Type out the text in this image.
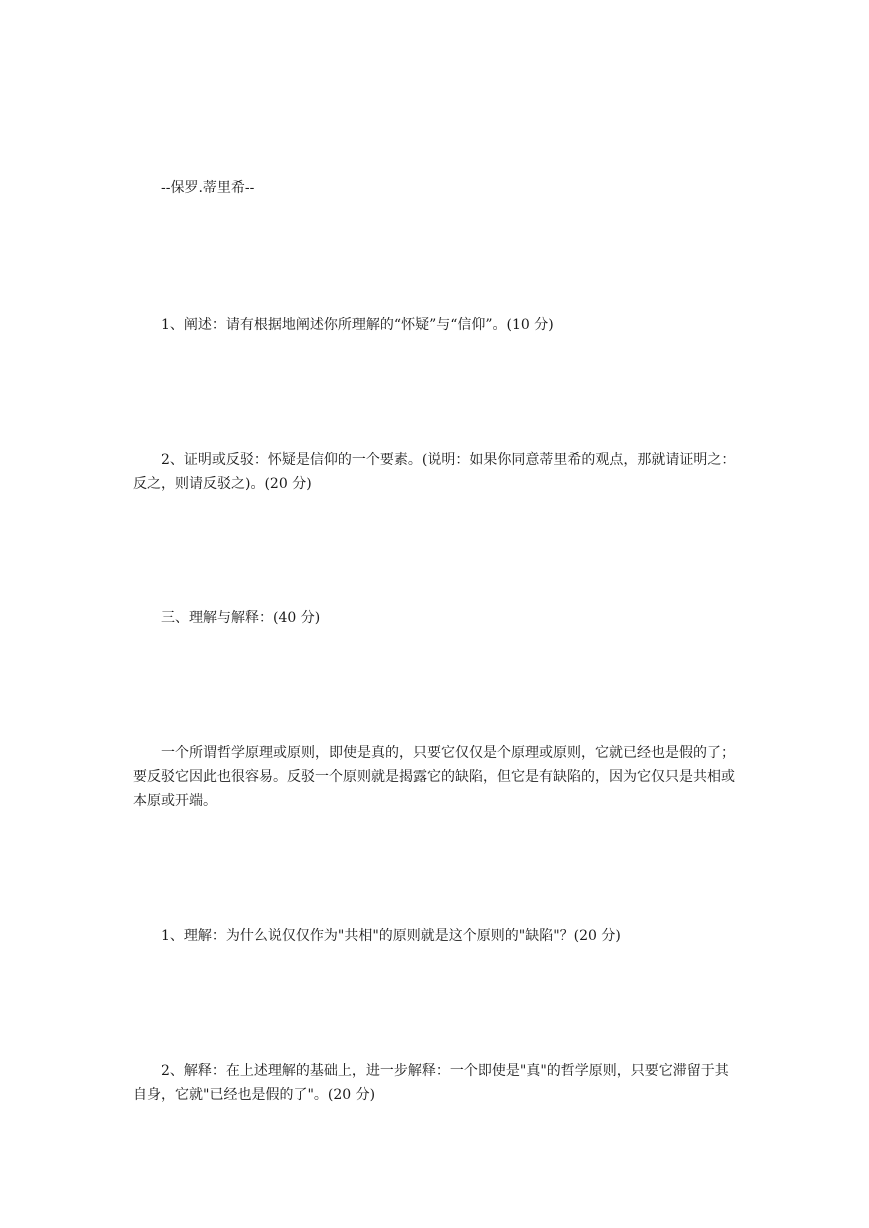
--保罗.蒂里希--

1、阐述：请有根据地阐述你所理解的“怀疑”与“信仰”。(10 分)

2、证明或反驳：怀疑是信仰的一个要素。(说明：如果你同意蒂里希的观点，那就请证明之：反之，则请反驳之)。(20 分)

三、理解与解释：(40 分)

一个所谓哲学原理或原则，即使是真的，只要它仅仅是个原理或原则，它就已经也是假的了；要反驳它因此也很容易。反驳一个原则就是揭露它的缺陷，但它是有缺陷的，因为它仅只是共相或本原或开端。

1、理解：为什么说仅仅作为"共相"的原则就是这个原则的"缺陷"？(20 分)

2、解释：在上述理解的基础上，进一步解释：一个即使是"真"的哲学原则，只要它滞留于其自身，它就"已经也是假的了"。(20 分)
